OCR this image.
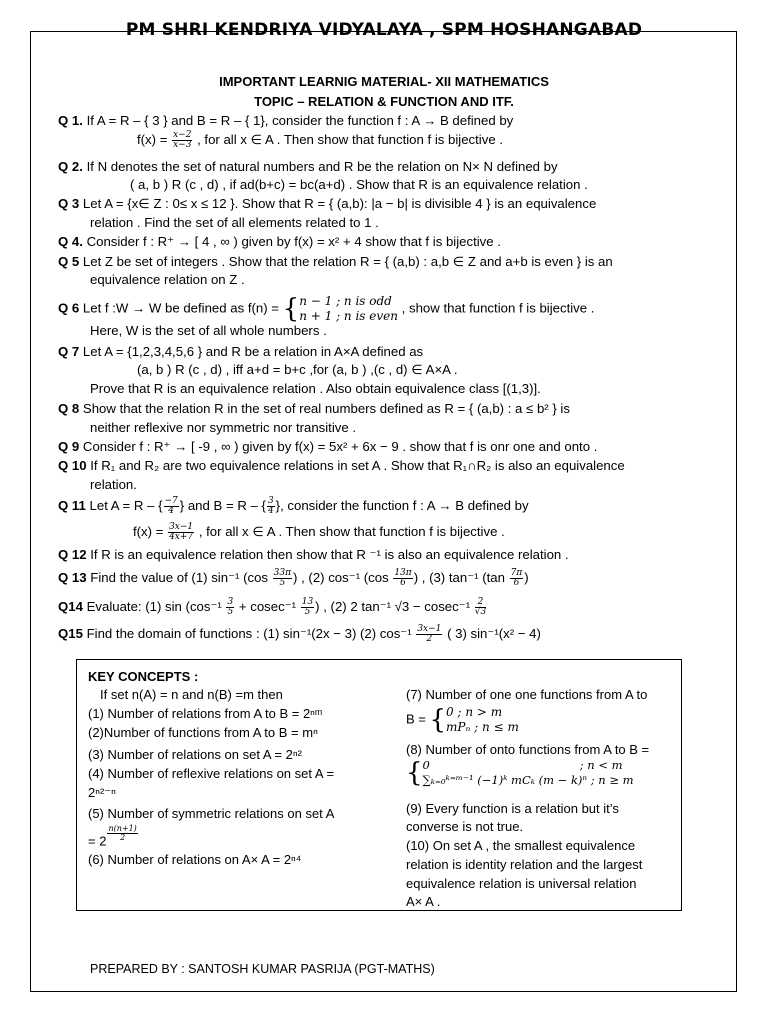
PM SHRI KENDRIYA VIDYALAYA , SPM HOSHANGABAD
IMPORTANT LEARNIG MATERIAL- XII MATHEMATICS
TOPIC – RELATION & FUNCTION AND ITF.
Q 1. If A = R – { 3 } and B = R – { 1}, consider the function f : A → B defined by
$f(x) = \frac{x-2}{x-3}$ , for all x ∈ A . Then show that function f is bijective .
Q 2. If N denotes the set of natural numbers and R be the relation on N× N defined by
( a, b ) R (c , d) , if ad(b+c) = bc(a+d) . Show that R is an equivalence relation .
Q 3 Let A = {x∈ Z : 0≤ x ≤ 12 }. Show that R = { (a,b): |a − b| is divisible 4 } is an equivalence
relation . Find the set of all elements related to 1 .
Q 4. Consider f : R⁺ → [ 4 , ∞ ) given by f(x) = x² + 4 show that f is bijective .
Q 5 Let Z be set of integers . Show that the relation R = { (a,b) : a,b ∈ Z and a+b is even } is an
equivalence relation on Z .
Q 6 Let f :W → W be defined as f(n) = { n − 1 ; n is odd
n + 1 ; n is even
, show that function f is bijective .
Here, W is the set of all whole numbers .
Q 7 Let A = {1,2,3,4,5,6 } and R be a relation in A×A defined as
(a, b ) R (c , d) , iff a+d = b+c ,for (a, b ) ,(c , d) ∈ A×A .
Prove that R is an equivalence relation . Also obtain equivalence class [(1,3)].
Q 8 Show that the relation R in the set of real numbers defined as R = { (a,b) : a ≤ b² } is
neither reflexive nor symmetric nor transitive .
Q 9 Consider f : R⁺ → [ -9 , ∞ ) given by f(x) = 5x² + 6x − 9 . show that f is onr one and onto .
Q 10 If R₁ and R₂ are two equivalence relations in set A . Show that R₁∩R₂ is also an equivalence
relation.
Q 11 Let A = R – { $\frac{-7}{4}$ } and B = R – { $\frac{3}{4}$ }, consider the function f : A → B defined by
$f(x) = \frac{3x-1}{4x+7}$ , for all x ∈ A . Then show that function f is bijective .
Q 12 If R is an equivalence relation then show that R ⁻¹ is also an equivalence relation .
Q 13 Find the value of (1) sin⁻¹ ($\cos \frac{33\pi}{5}$ ) , (2) cos⁻¹ ($\cos \frac{13\pi}{6}$ ) , (3) tan⁻¹ ($\tan \frac{7\pi}{6}$ )
Q14 Evaluate: (1) $\sin (\cos^{-1} \frac{3}{5} + cosec^{-1} \frac{13}{5}$ ) , (2) 2 tan⁻¹ $√3 - cosec^{-1} \frac{2}{√3}$
Q15 Find the domain of functions : (1) sin⁻¹(2x − 3) (2) $\cos^{-1} \frac{3x-1}{2}$ ( 3) sin⁻¹(x² − 4)
KEY CONCEPTS :
If set n(A) = n and n(B) =m then
(1) Number of relations from A to B = 2ⁿᵐ
(2)Number of functions from A to B = mⁿ
(3) Number of relations on set A = 2ⁿ²
(4) Number of reflexive relations on set A =
2ⁿ²⁻ⁿ
(5) Number of symmetric relations on set A
= $2 \frac{n(n+1)}{2}$
(6) Number of relations on A× A = 2ⁿ⁴
(7) Number of one one functions from A to
B = { 0 ; n > m
mPₙ ; n ≤ m
(8) Number of onto functions from A to B =
{ 0                                         ; n < m
∑ₖ₌₀ᵏ⁼ᵐ⁻¹ (−1)ᵏ mCₖ (m − k)ⁿ ; n ≥ m
(9) Every function is a relation but it’s
converse is not true.
(10) On set A , the smallest equivalence
relation is identity relation and the largest
equivalence relation is universal relation
A× A .
PREPARED BY : SANTOSH KUMAR PASRIJA (PGT-MATHS)
